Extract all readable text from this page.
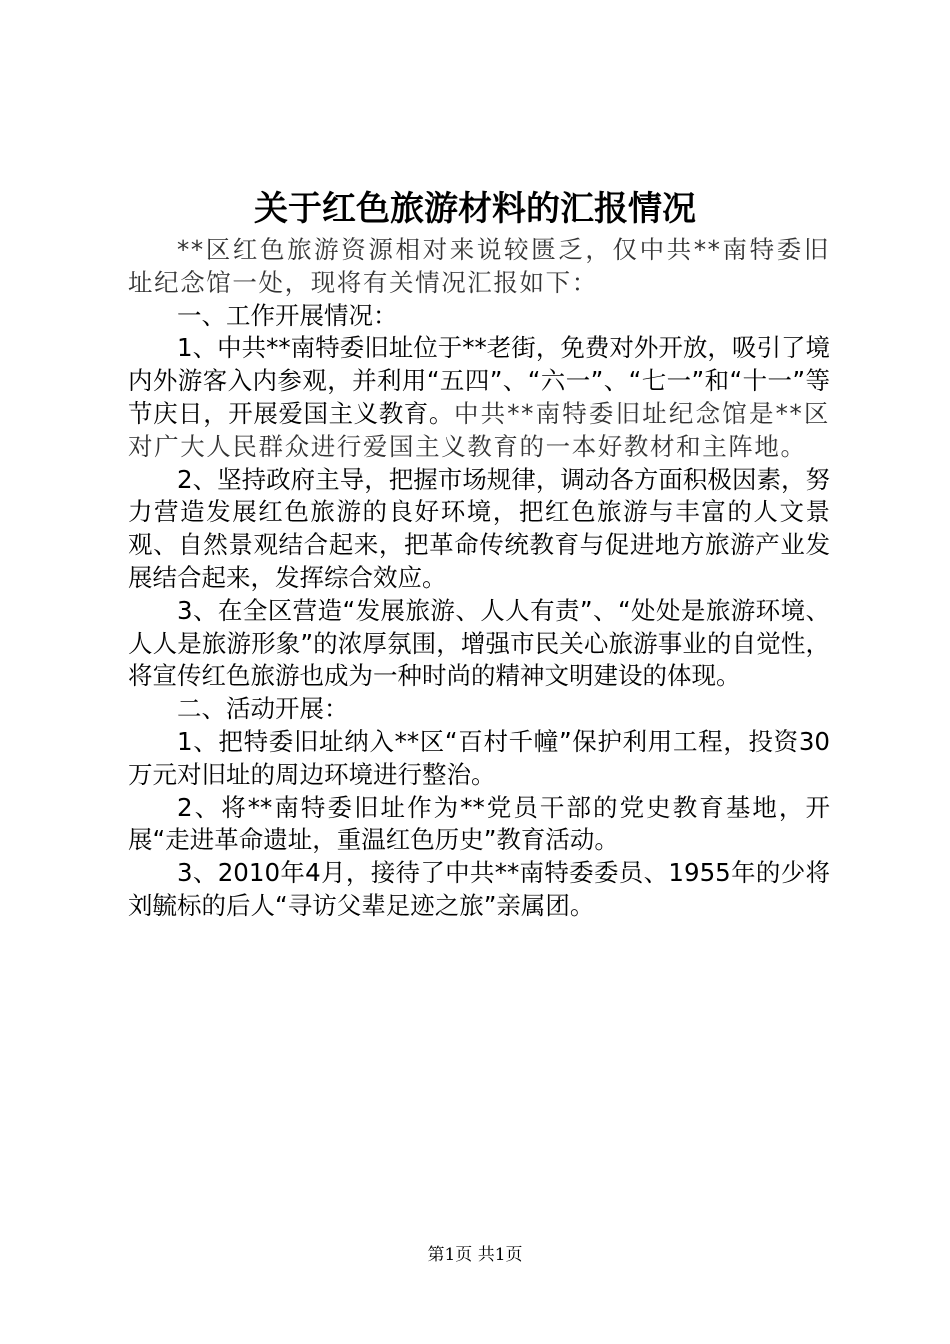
关于红色旅游材料的汇报情况

**区红色旅游资源相对来说较匮乏，仅中共**南特委旧址纪念馆一处，现将有关情况汇报如下：

一、工作开展情况：

1、中共**南特委旧址位于**老街，免费对外开放，吸引了境内外游客入内参观，并利用“五四”、“六一”、“七一”和“十一”等节庆日，开展爱国主义教育。中共**南特委旧址纪念馆是**区对广大人民群众进行爱国主义教育的一本好教材和主阵地。

2、坚持政府主导，把握市场规律，调动各方面积极因素，努力营造发展红色旅游的良好环境，把红色旅游与丰富的人文景观、自然景观结合起来，把革命传统教育与促进地方旅游产业发展结合起来，发挥综合效应。

3、在全区营造“发展旅游、人人有责”、“处处是旅游环境、人人是旅游形象”的浓厚氛围，增强市民关心旅游事业的自觉性，将宣传红色旅游也成为一种时尚的精神文明建设的体现。

二、活动开展：

1、把特委旧址纳入**区“百村千幢”保护利用工程，投资30万元对旧址的周边环境进行整治。

2、将**南特委旧址作为**党员干部的党史教育基地，开展“走进革命遗址，重温红色历史”教育活动。

3、2010年4月，接待了中共**南特委委员、1955年的少将刘毓标的后人“寻访父辈足迹之旅”亲属团。

第1页 共1页
